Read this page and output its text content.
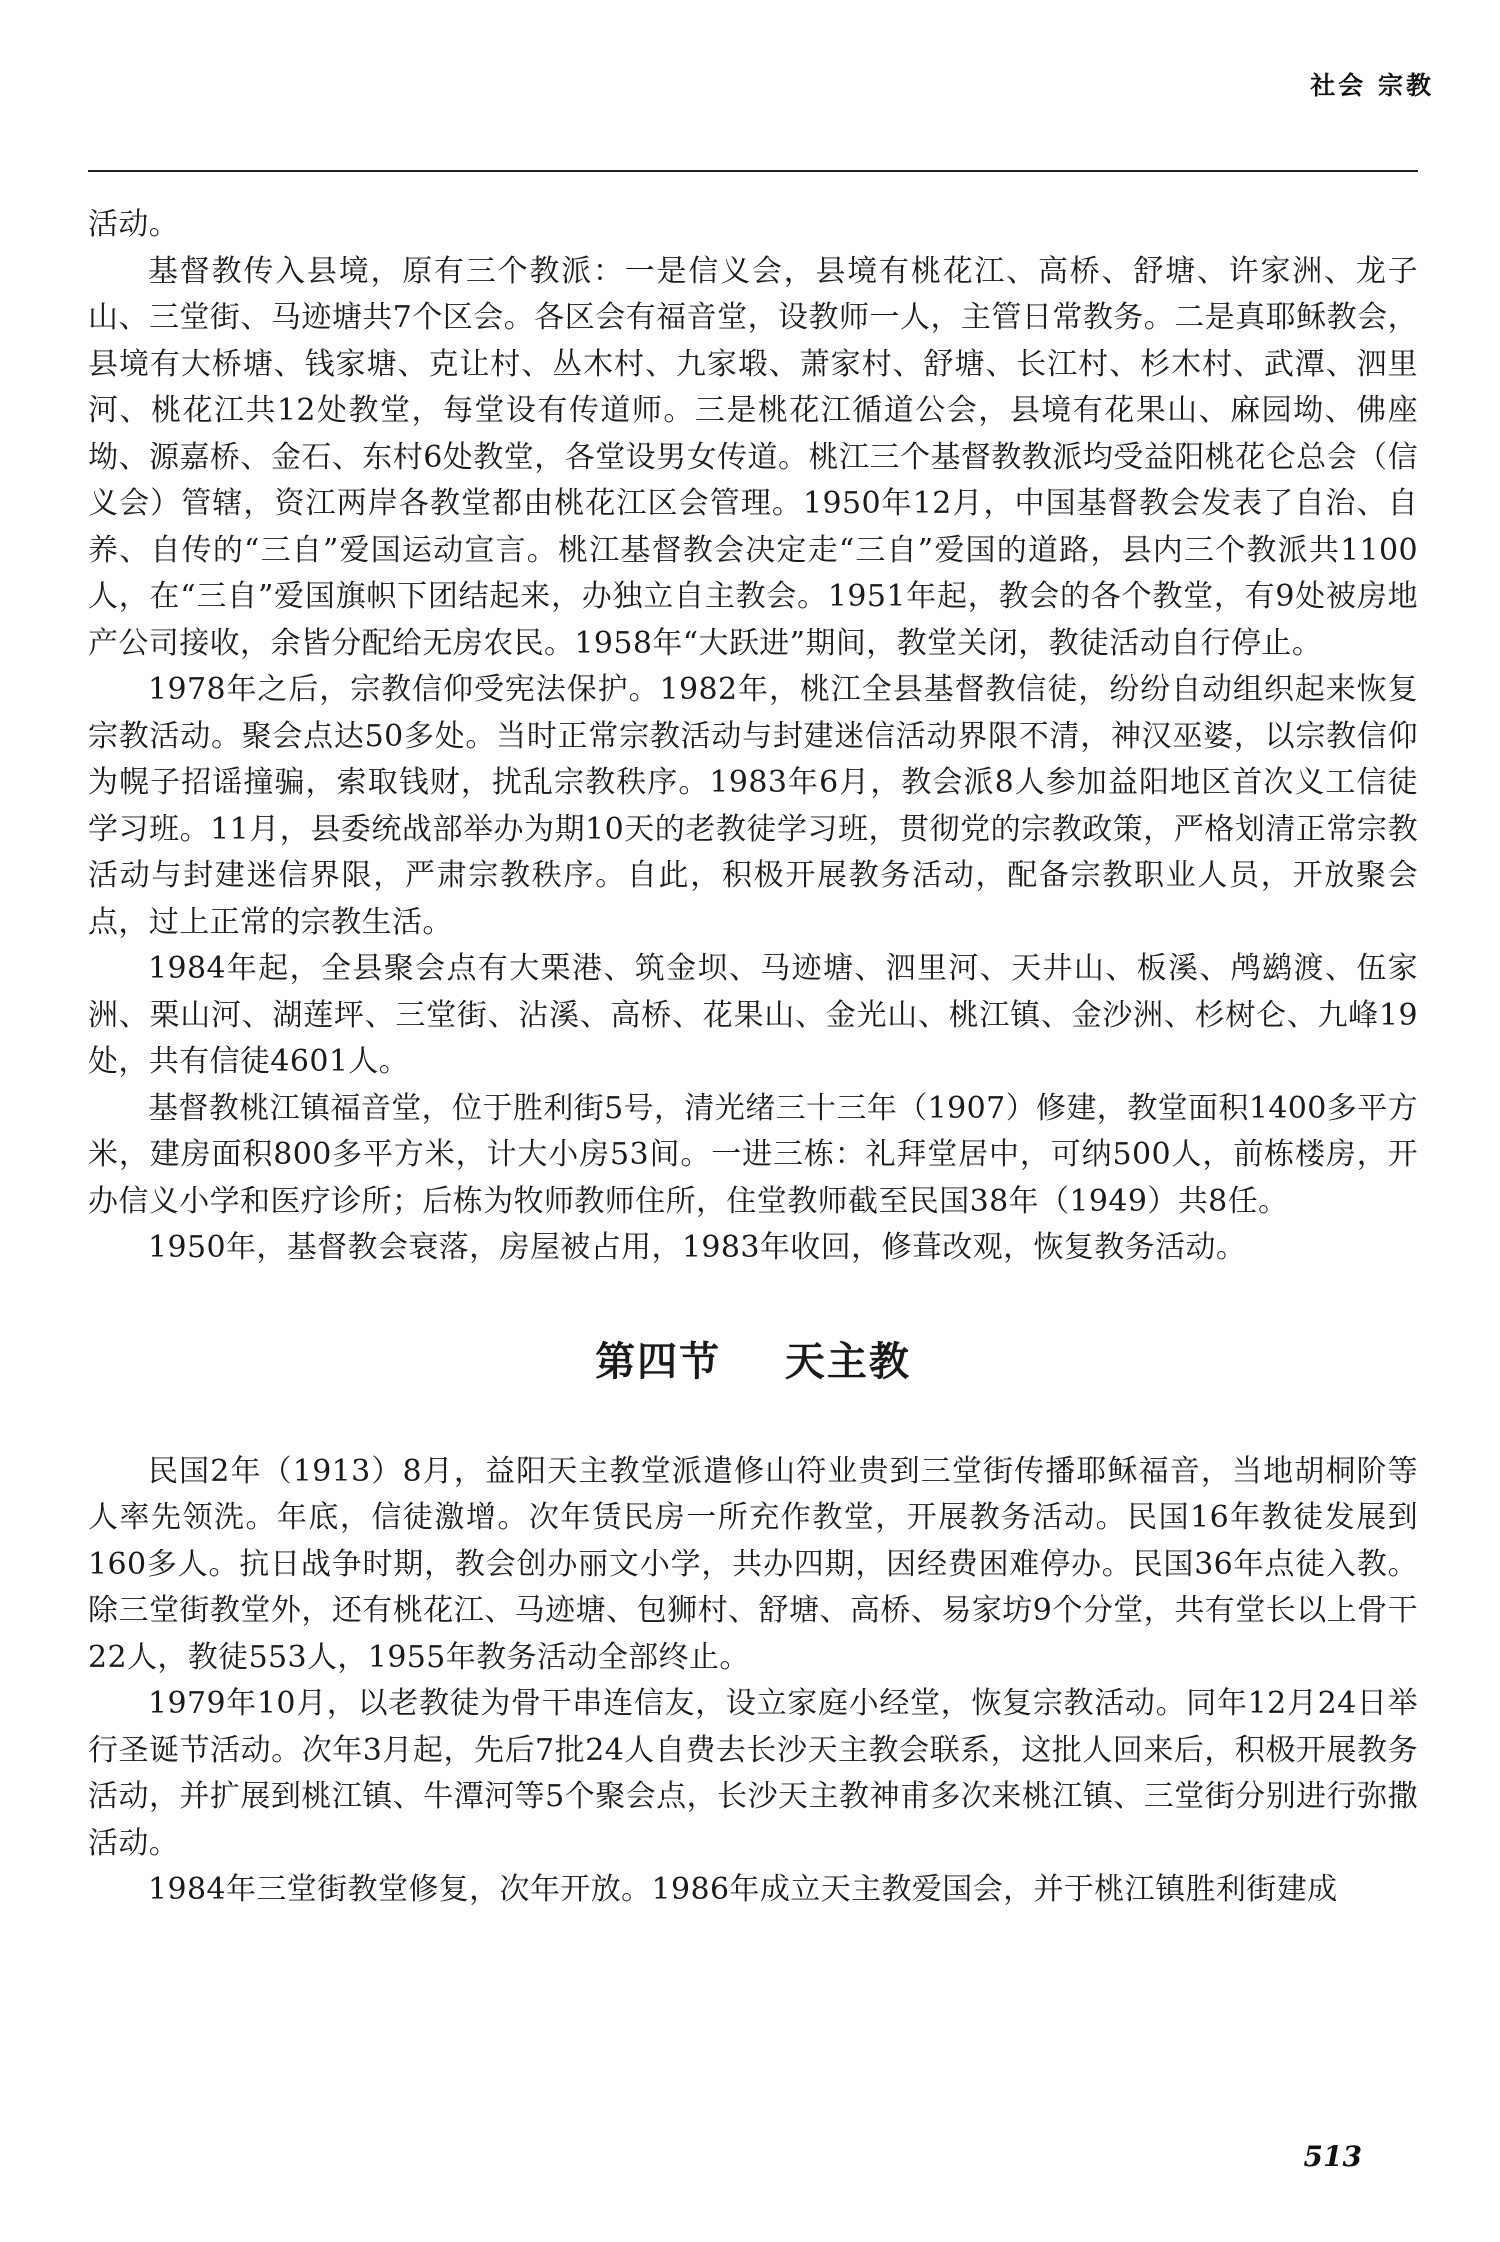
社会 宗教

活动。

基督教传入县境，原有三个教派：一是信义会，县境有桃花江、高桥、舒塘、许家洲、龙子山、三堂街、马迹塘共7个区会。各区会有福音堂，设教师一人，主管日常教务。二是真耶稣教会，县境有大桥塘、钱家塘、克让村、丛木村、九家塅、萧家村、舒塘、长江村、杉木村、武潭、泗里河、桃花江共12处教堂，每堂设有传道师。三是桃花江循道公会，县境有花果山、麻园坳、佛座坳、源嘉桥、金石、东村6处教堂，各堂设男女传道。桃江三个基督教教派均受益阳桃花仑总会（信义会）管辖，资江两岸各教堂都由桃花江区会管理。1950年12月，中国基督教会发表了自治、自养、自传的“三自”爱国运动宣言。桃江基督教会决定走“三自”爱国的道路，县内三个教派共1100人，在“三自”爱国旗帜下团结起来，办独立自主教会。1951年起，教会的各个教堂，有9处被房地产公司接收，余皆分配给无房农民。1958年“大跃进”期间，教堂关闭，教徒活动自行停止。

1978年之后，宗教信仰受宪法保护。1982年，桃江全县基督教信徒，纷纷自动组织起来恢复宗教活动。聚会点达50多处。当时正常宗教活动与封建迷信活动界限不清，神汉巫婆，以宗教信仰为幌子招谣撞骗，索取钱财，扰乱宗教秩序。1983年6月，教会派8人参加益阳地区首次义工信徒学习班。11月，县委统战部举办为期10天的老教徒学习班，贯彻党的宗教政策，严格划清正常宗教活动与封建迷信界限，严肃宗教秩序。自此，积极开展教务活动，配备宗教职业人员，开放聚会点，过上正常的宗教生活。

1984年起，全县聚会点有大栗港、筑金坝、马迹塘、泗里河、天井山、板溪、鸬鹚渡、伍家洲、栗山河、湖莲坪、三堂街、沾溪、高桥、花果山、金光山、桃江镇、金沙洲、杉树仑、九峰19处，共有信徒4601人。

基督教桃江镇福音堂，位于胜利街5号，清光绪三十三年（1907）修建，教堂面积1400多平方米，建房面积800多平方米，计大小房53间。一进三栋：礼拜堂居中，可纳500人，前栋楼房，开办信义小学和医疗诊所；后栋为牧师教师住所，住堂教师截至民国38年（1949）共8任。

1950年，基督教会衰落，房屋被占用，1983年收回，修葺改观，恢复教务活动。

第四节    天主教

民国2年（1913）8月，益阳天主教堂派遣修山符业贵到三堂街传播耶稣福音，当地胡桐阶等人率先领洗。年底，信徒激增。次年赁民房一所充作教堂，开展教务活动。民国16年教徒发展到160多人。抗日战争时期，教会创办丽文小学，共办四期，因经费困难停办。民国36年点徒入教。除三堂街教堂外，还有桃花江、马迹塘、包狮村、舒塘、高桥、易家坊9个分堂，共有堂长以上骨干22人，教徒553人，1955年教务活动全部终止。

1979年10月，以老教徒为骨干串连信友，设立家庭小经堂，恢复宗教活动。同年12月24日举行圣诞节活动。次年3月起，先后7批24人自费去长沙天主教会联系，这批人回来后，积极开展教务活动，并扩展到桃江镇、牛潭河等5个聚会点，长沙天主教神甫多次来桃江镇、三堂街分别进行弥撒活动。

1984年三堂街教堂修复，次年开放。1986年成立天主教爱国会，并于桃江镇胜利街建成

513
